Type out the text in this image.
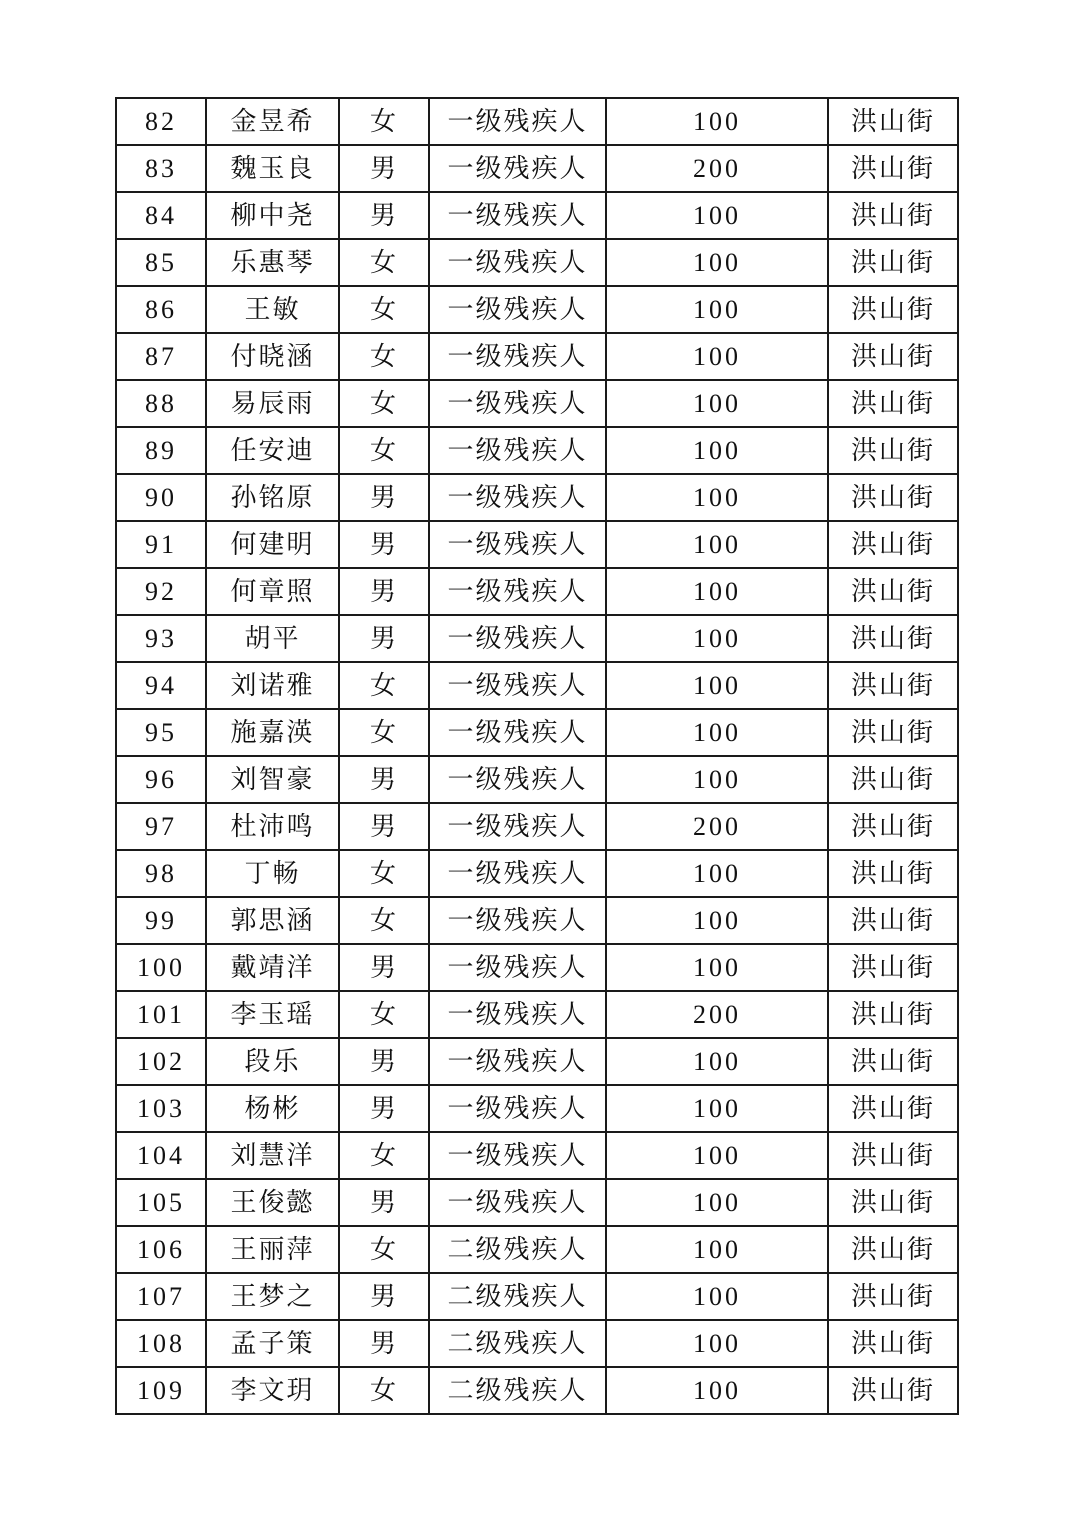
82	金昱希	女	一级残疾人	100	洪山街
83	魏玉良	男	一级残疾人	200	洪山街
84	柳中尧	男	一级残疾人	100	洪山街
85	乐惠琴	女	一级残疾人	100	洪山街
86	王敏	女	一级残疾人	100	洪山街
87	付晓涵	女	一级残疾人	100	洪山街
88	易辰雨	女	一级残疾人	100	洪山街
89	任安迪	女	一级残疾人	100	洪山街
90	孙铭原	男	一级残疾人	100	洪山街
91	何建明	男	一级残疾人	100	洪山街
92	何章照	男	一级残疾人	100	洪山街
93	胡平	男	一级残疾人	100	洪山街
94	刘诺雅	女	一级残疾人	100	洪山街
95	施嘉渶	女	一级残疾人	100	洪山街
96	刘智豪	男	一级残疾人	100	洪山街
97	杜沛鸣	男	一级残疾人	200	洪山街
98	丁畅	女	一级残疾人	100	洪山街
99	郭思涵	女	一级残疾人	100	洪山街
100	戴靖洋	男	一级残疾人	100	洪山街
101	李玉瑶	女	一级残疾人	200	洪山街
102	段乐	男	一级残疾人	100	洪山街
103	杨彬	男	一级残疾人	100	洪山街
104	刘慧洋	女	一级残疾人	100	洪山街
105	王俊懿	男	一级残疾人	100	洪山街
106	王丽萍	女	二级残疾人	100	洪山街
107	王梦之	男	二级残疾人	100	洪山街
108	孟子策	男	二级残疾人	100	洪山街
109	李文玥	女	二级残疾人	100	洪山街
